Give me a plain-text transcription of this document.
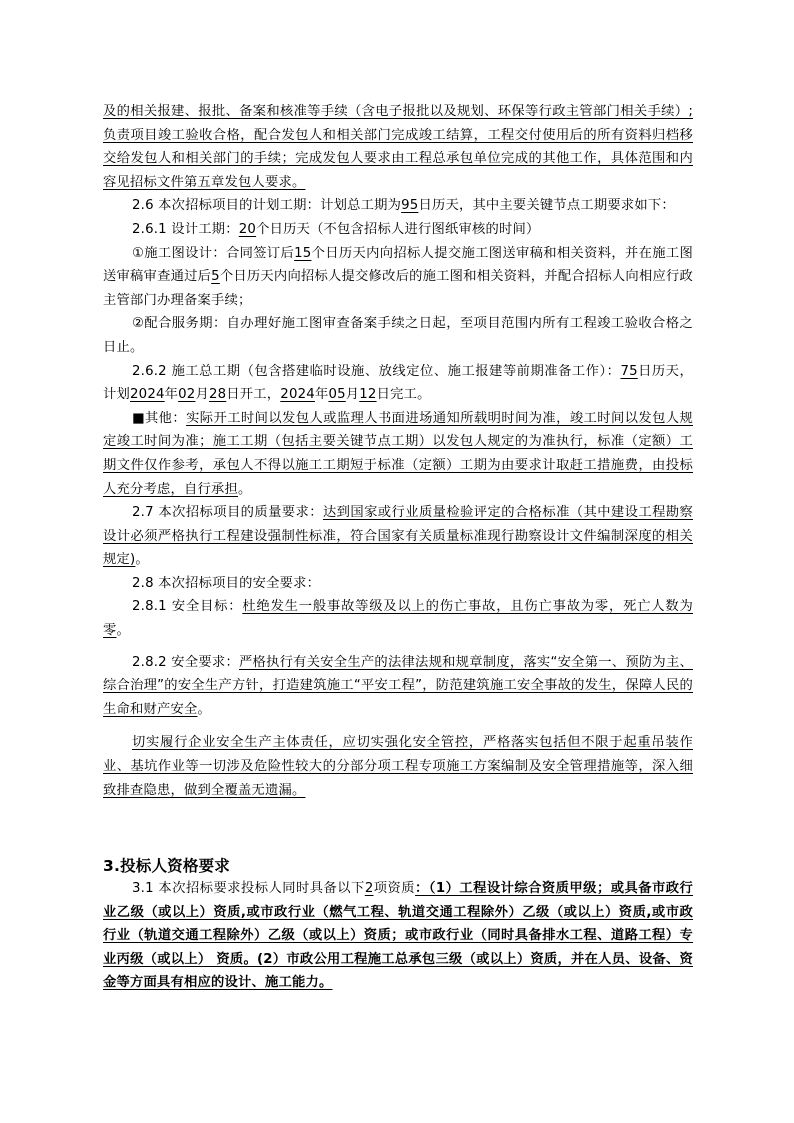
及的相关报建、报批、备案和核准等手续（含电子报批以及规划、环保等行政主管部门相关手续）;负责项目竣工验收合格，配合发包人和相关部门完成竣工结算，工程交付使用后的所有资料归档移交给发包人和相关部门的手续；完成发包人要求由工程总承包单位完成的其他工作，具体范围和内容见招标文件第五章发包人要求。

2.6 本次招标项目的计划工期：计划总工期为95日历天，其中主要关键节点工期要求如下：

2.6.1 设计工期：20个日历天（不包含招标人进行图纸审核的时间）

①施工图设计：合同签订后15个日历天内向招标人提交施工图送审稿和相关资料，并在施工图送审稿审查通过后5个日历天内向招标人提交修改后的施工图和相关资料，并配合招标人向相应行政主管部门办理备案手续；

②配合服务期：自办理好施工图审查备案手续之日起，至项目范围内所有工程竣工验收合格之日止。

2.6.2 施工总工期（包含搭建临时设施、放线定位、施工报建等前期准备工作）：75日历天，计划2024年02月28日开工，2024年05月12日完工。

■其他：实际开工时间以发包人或监理人书面进场通知所载明时间为准，竣工时间以发包人规定竣工时间为准；施工工期（包括主要关键节点工期）以发包人规定的为准执行，标准（定额）工期文件仅作参考，承包人不得以施工工期短于标准（定额）工期为由要求计取赶工措施费，由投标人充分考虑，自行承担。

2.7 本次招标项目的质量要求：达到国家或行业质量检验评定的合格标准（其中建设工程勘察设计必须严格执行工程建设强制性标准，符合国家有关质量标准现行勘察设计文件编制深度的相关规定)。

2.8 本次招标项目的安全要求：

2.8.1 安全目标：杜绝发生一般事故等级及以上的伤亡事故，且伤亡事故为零，死亡人数为零。

2.8.2 安全要求：严格执行有关安全生产的法律法规和规章制度，落实“安全第一、预防为主、综合治理”的安全生产方针，打造建筑施工“平安工程”，防范建筑施工安全事故的发生，保障人民的生命和财产安全。

切实履行企业安全生产主体责任，应切实强化安全管控，严格落实包括但不限于起重吊装作业、基坑作业等一切涉及危险性较大的分部分项工程专项施工方案编制及安全管理措施等，深入细致排查隐患，做到全覆盖无遗漏。

3.投标人资格要求

3.1 本次招标要求投标人同时具备以下2项资质：（1）工程设计综合资质甲级；或具备市政行业乙级（或以上）资质,或市政行业（燃气工程、轨道交通工程除外）乙级（或以上）资质,或市政行业（轨道交通工程除外）乙级（或以上）资质；或市政行业（同时具备排水工程、道路工程）专业丙级（或以上） 资质。(2）市政公用工程施工总承包三级（或以上）资质，并在人员、设备、资金等方面具有相应的设计、施工能力。
